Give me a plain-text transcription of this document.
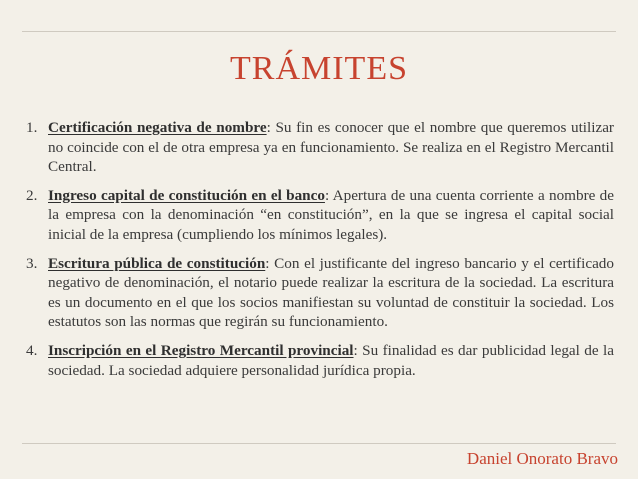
TRÁMITES
1. Certificación negativa de nombre: Su fin es conocer que el nombre que queremos utilizar no coincide con el de otra empresa ya en funcionamiento. Se realiza en el Registro Mercantil Central.
2. Ingreso capital de constitución en el banco: Apertura de una cuenta corriente a nombre de la empresa con la denominación “en constitución”, en la que se ingresa el capital social inicial de la empresa (cumpliendo los mínimos legales).
3. Escritura pública de constitución: Con el justificante del ingreso bancario y el certificado negativo de denominación, el notario puede realizar la escritura de la sociedad. La escritura es un documento en el que los socios manifiestan su voluntad de constituir la sociedad. Los estatutos son las normas que regirán su funcionamiento.
4. Inscripción en el Registro Mercantil provincial: Su finalidad es dar publicidad legal de la sociedad. La sociedad adquiere personalidad jurídica propia.

Daniel Onorato Bravo
